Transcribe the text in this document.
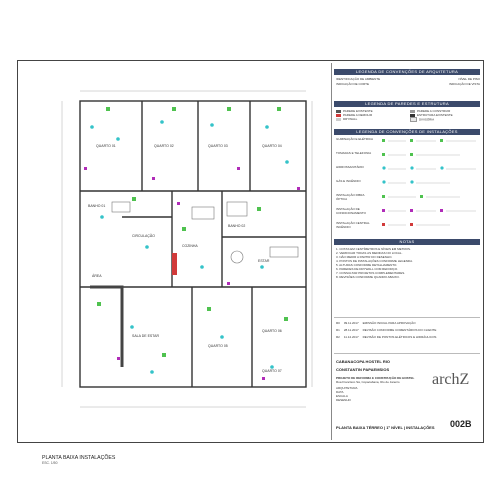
QUARTO 01	QUARTO 02	QUARTO 03	QUARTO 04
BANHO 01
BANHO 02
CIRCULAÇÃO
COZINHA
ESTAR
SALA DE ESTAR
ÁREA
QUARTO 05
QUARTO 06
QUARTO 07
PLANTA BAIXA INSTALAÇÕES
ESC. 1/50
LEGENDA DE CONVENÇÕES DE ARQUITETURA
IDENTIFICAÇÃO DE AMBIENTE	NÍVEL DE PISO
INDICAÇÃO DE CORTE	INDICAÇÃO DE VISTA
LEGENDA DE PAREDES E ESTRUTURA
PAREDE EXISTENTE	PAREDE A CONSTRUIR
PAREDE A DEMOLIR	ESTRUTURA EXISTENTE
DRYWALL	DIVISÓRIA
LEGENDA DE CONVENÇÕES DE INSTALAÇÕES
ILUMINAÇÃO E ELÉTRICA
TOMADAS E TELEFONIA
HIDROSSANITÁRIO
GÁS E INCÊNDIO
INSTALAÇÃO FIBRA ÓPTICA
INSTALAÇÃO DE CONDICIONAMENTO
INSTALAÇÃO CENTRAL INCÊNDIO
NOTAS
1. COTAS EM CENTÍMETROS E NÍVEIS EM METROS.
2. VERIFICAR TODAS AS MEDIDAS NO LOCAL.
3. NÃO MEDIR A PARTIR DO DESENHO.
4. PONTOS DE INSTALAÇÕES CONFORME LEGENDA.
5. ALTURAS CONFORME DETALHAMENTO.
6. PAREDES DE DRYWALL COM REFORÇO.
7. CONSULTAR PROJETOS COMPLEMENTARES.
8. REVISÕES CONFORME QUADRO ABAIXO.
R0 09.11.2017 EMISSÃO INICIAL PARA APROVAÇÃO
R1 28.11.2017 REVISÃO CONFORME COMENTÁRIOS DO CLIENTE
R2 11.12.2017 REVISÃO DE PONTOS ELÉTRICOS E HIDRÁULICOS
CABANACOPA HOSTEL RIO
CONSTANTIN PAPAEMSIOS
PROJETO DE REFORMA E CONSTRUÇÃO DE HOSTEL
Rua Francisco Sá, Copacabana, Rio de Janeiro
ARQUITETURA
DATA
ESCALA
DESENHO
archZ
PLANTA BAIXA TÉRREO | 1º NÍVEL | INSTALAÇÕES	002B
